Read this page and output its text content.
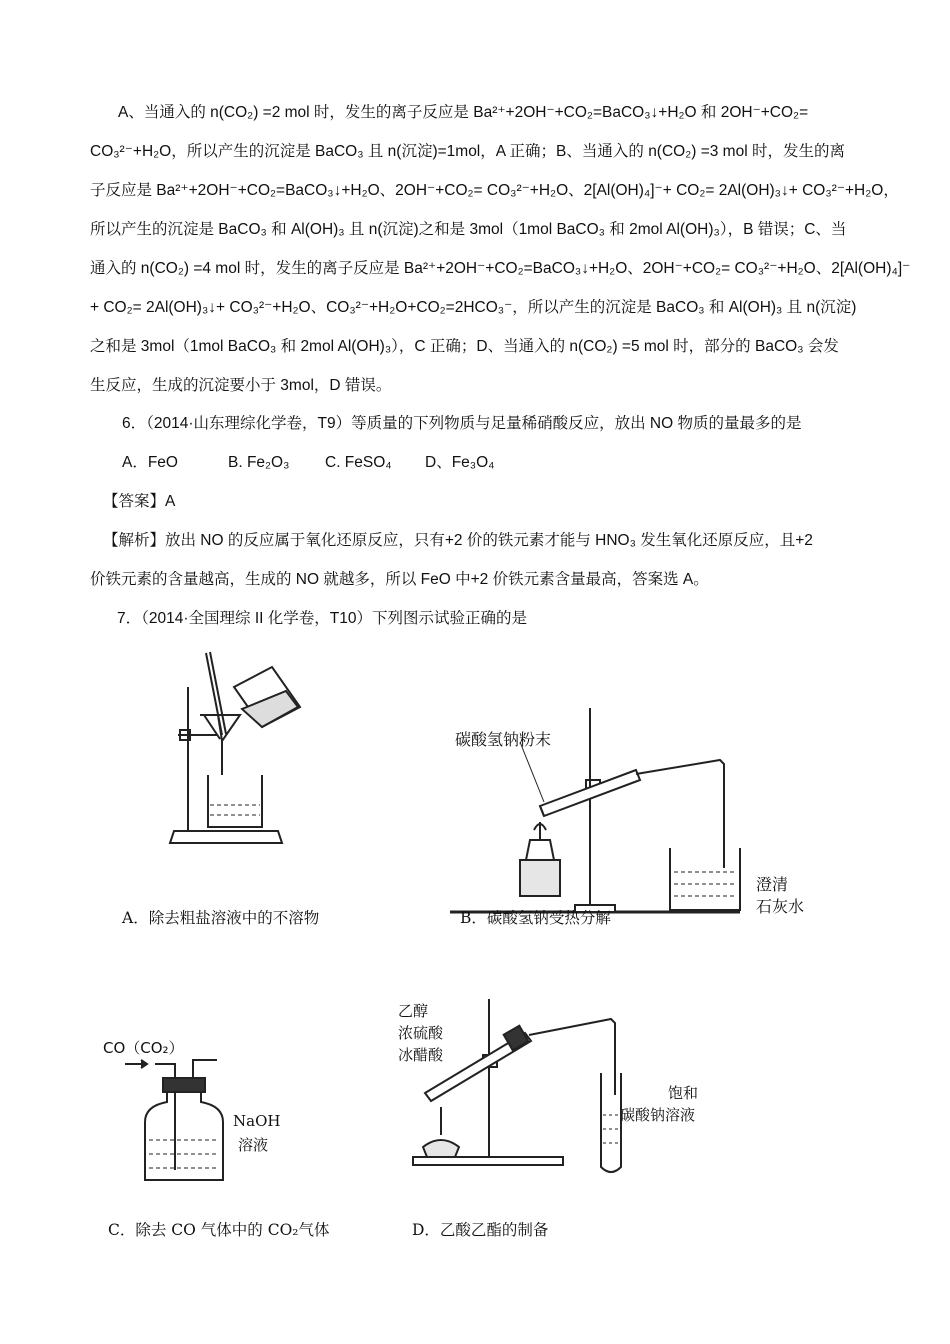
A、当通入的 n(CO₂) =2 mol 时，发生的离子反应是 Ba²⁺+2OH⁻+CO₂=BaCO₃↓+H₂O 和 2OH⁻+CO₂=
CO₃²⁻+H₂O，所以产生的沉淀是 BaCO₃ 且 n(沉淀)=1mol，A 正确；B、当通入的 n(CO₂) =3 mol 时，发生的离
子反应是 Ba²⁺+2OH⁻+CO₂=BaCO₃↓+H₂O、2OH⁻+CO₂= CO₃²⁻+H₂O、2[Al(OH)₄]⁻+ CO₂= 2Al(OH)₃↓+ CO₃²⁻+H₂O，
所以产生的沉淀是 BaCO₃ 和 Al(OH)₃ 且 n(沉淀)之和是 3mol（1mol BaCO₃ 和 2mol Al(OH)₃），B 错误；C、当
通入的 n(CO₂) =4 mol 时，发生的离子反应是 Ba²⁺+2OH⁻+CO₂=BaCO₃↓+H₂O、2OH⁻+CO₂= CO₃²⁻+H₂O、2[Al(OH)₄]⁻
+ CO₂= 2Al(OH)₃↓+ CO₃²⁻+H₂O、CO₃²⁻+H₂O+CO₂=2HCO₃⁻，所以产生的沉淀是 BaCO₃ 和 Al(OH)₃ 且 n(沉淀)
之和是 3mol（1mol BaCO₃ 和 2mol Al(OH)₃），C 正确；D、当通入的 n(CO₂) =5 mol 时，部分的 BaCO₃ 会发
生反应，生成的沉淀要小于 3mol，D 错误。
6．（2014·山东理综化学卷，T9）等质量的下列物质与足量稀硝酸反应，放出 NO 物质的量最多的是
A．FeO	B. Fe₂O₃ C. FeSO₄ D、Fe₃O₄
【答案】A
【解析】放出 NO 的反应属于氧化还原反应，只有+2 价的铁元素才能与 HNO₃ 发生氧化还原反应，且+2
价铁元素的含量越高，生成的 NO 就越多，所以 FeO 中+2 价铁元素含量最高，答案选 A。
7．（2014·全国理综 II 化学卷，T10）下列图示试验正确的是
碳酸氢钠粉末
澄清
石灰水
A．除去粗盐溶液中的不溶物	B．碳酸氢钠受热分解
CO（CO₂）
NaOH
溶液
乙醇
浓硫酸
冰醋酸
饱和
碳酸钠溶液
C．除去 CO 气体中的 CO₂气体	D．乙酸乙酯的制备
